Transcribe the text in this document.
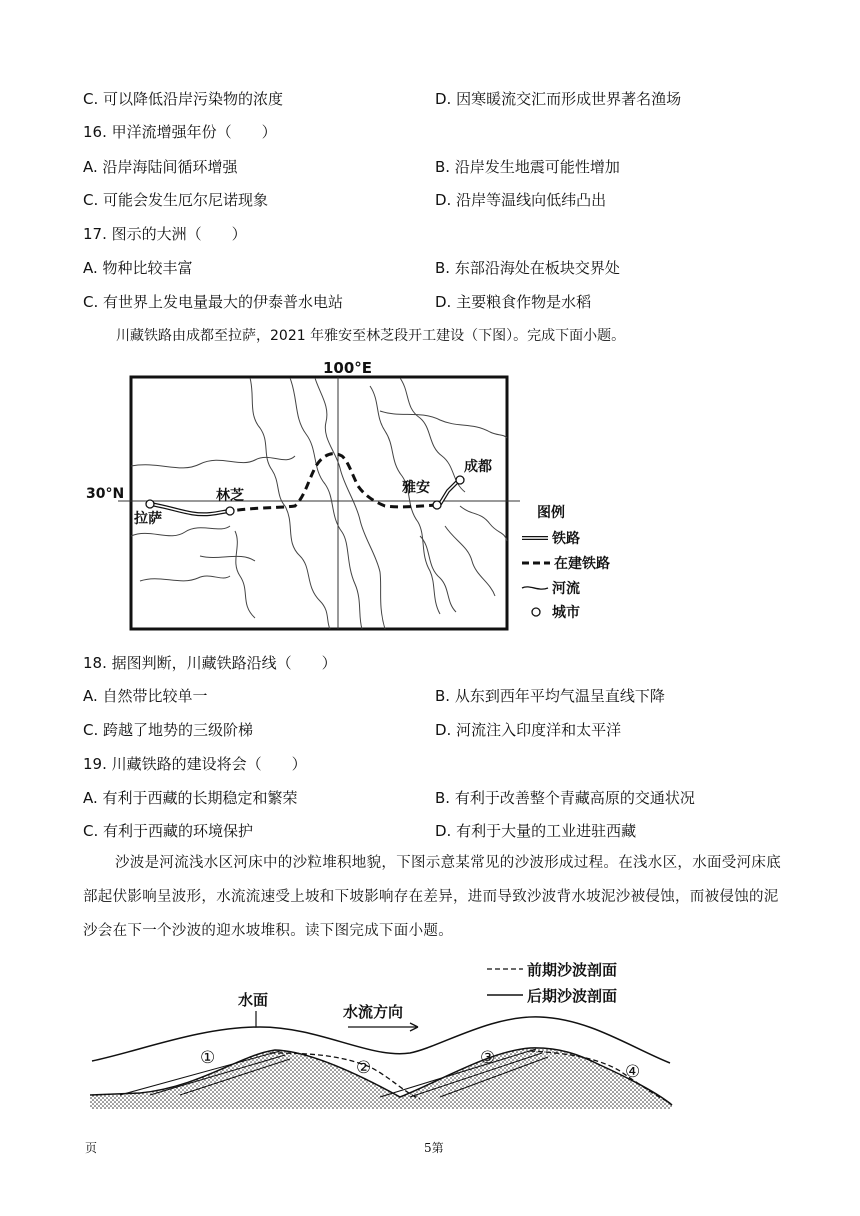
C. 可以降低沿岸污染物的浓度	D. 因寒暖流交汇而形成世界著名渔场
16. 甲洋流增强年份（　　）
A. 沿岸海陆间循环增强	B. 沿岸发生地震可能性增加
C. 可能会发生厄尔尼诺现象	D. 沿岸等温线向低纬凸出
17. 图示的大洲（　　）
A. 物种比较丰富	B. 东部沿海处在板块交界处
C. 有世界上发电量最大的伊泰普水电站	D. 主要粮食作物是水稻
川藏铁路由成都至拉萨，2021 年雅安至林芝段开工建设（下图）。完成下面小题。
100°E
30°N
成都
雅安
林芝
拉萨	图例
铁路
在建铁路
河流
城市
18. 据图判断，川藏铁路沿线（　　）
A. 自然带比较单一	B. 从东到西年平均气温呈直线下降
C. 跨越了地势的三级阶梯	D. 河流注入印度洋和太平洋
19. 川藏铁路的建设将会（　　）
A. 有利于西藏的长期稳定和繁荣	B. 有利于改善整个青藏高原的交通状况
C. 有利于西藏的环境保护	D. 有利于大量的工业进驻西藏
沙波是河流浅水区河床中的沙粒堆积地貌，下图示意某常见的沙波形成过程。在浅水区，水面受河床底部起伏影响呈波形，水流流速受上坡和下坡影响存在差异，进而导致沙波背水坡泥沙被侵蚀，而被侵蚀的泥沙会在下一个沙波的迎水坡堆积。读下图完成下面小题。
前期沙波剖面
后期沙波剖面
水面
水流方向
①	②	③
④
页	5第
